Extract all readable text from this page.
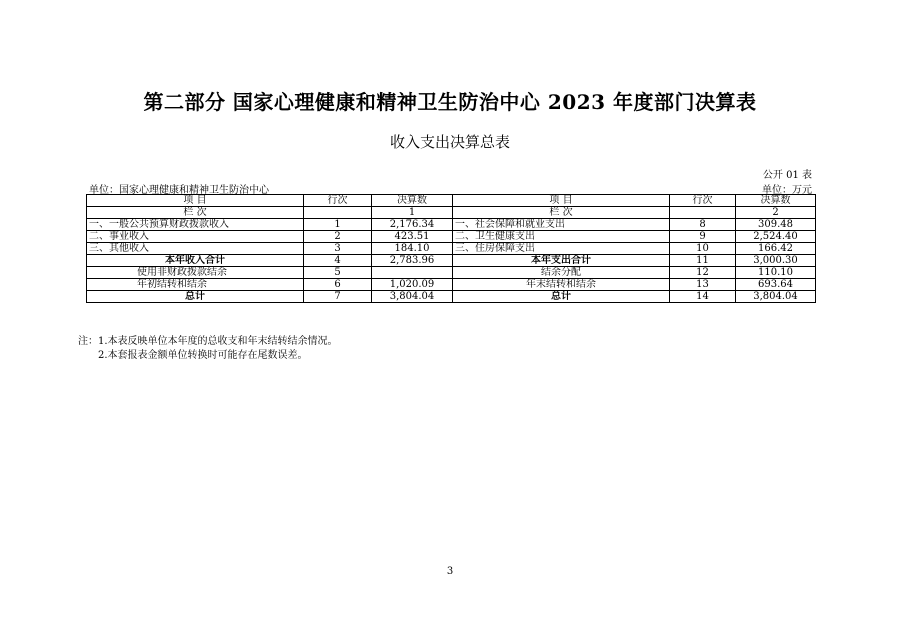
第二部分 国家心理健康和精神卫生防治中心 2023 年度部门决算表
收入支出决算总表
公开 01 表
单位：国家心理健康和精神卫生防治中心	单位：万元
项 目	行次	决算数	项 目	行次	决算数
栏 次		1	栏 次		2
一、一般公共预算财政拨款收入	1	2,176.34	一、社会保障和就业支出	8	309.48
二、事业收入	2	423.51	二、卫生健康支出	9	2,524.40
三、其他收入	3	184.10	三、住房保障支出	10	166.42
本年收入合计	4	2,783.96	本年支出合计	11	3,000.30
使用非财政拨款结余	5		结余分配	12	110.10
年初结转和结余	6	1,020.09	年末结转和结余	13	693.64
总计	7	3,804.04	总计	14	3,804.04
注：1.本表反映单位本年度的总收支和年末结转结余情况。
2.本套报表金额单位转换时可能存在尾数误差。
3
